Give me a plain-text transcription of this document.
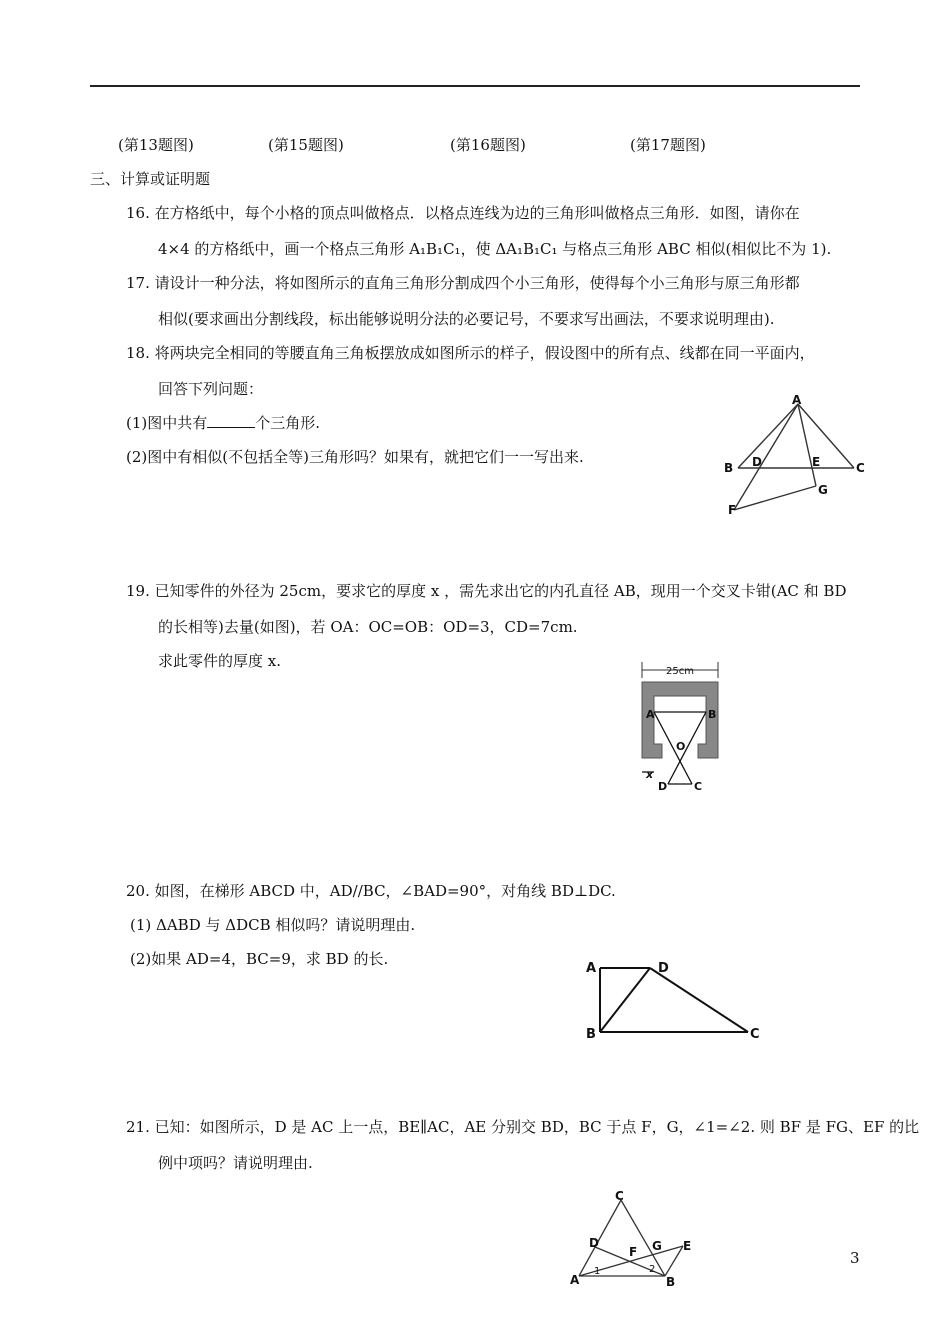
(第13题图)	(第15题图)	(第16题图)	(第17题图)
三、计算或证明题
16. 在方格纸中，每个小格的顶点叫做格点．以格点连线为边的三角形叫做格点三角形．如图，请你在
4×4 的方格纸中，画一个格点三角形 A₁B₁C₁，使 ΔA₁B₁C₁ 与格点三角形 ABC 相似(相似比不为 1).
17. 请设计一种分法，将如图所示的直角三角形分割成四个小三角形，使得每个小三角形与原三角形都
相似(要求画出分割线段，标出能够说明分法的必要记号，不要求写出画法，不要求说明理由).
18. 将两块完全相同的等腰直角三角板摆放成如图所示的样子，假设图中的所有点、线都在同一平面内，
回答下列问题：
(1)图中共有	个三角形.
(2)图中有相似(不包括全等)三角形吗？如果有，就把它们一一写出来.
A
B	C
D	E
G
F
19. 已知零件的外径为 25cm，要求它的厚度 x ，需先求出它的内孔直径 AB，现用一个交叉卡钳(AC 和 BD
的长相等)去量(如图)，若 OA：OC=OB：OD=3，CD=7cm.
求此零件的厚度 x.
25cm
A	B
O
D C
x
20. 如图，在梯形 ABCD 中，AD//BC，∠BAD=90°，对角线 BD⊥DC.
(1) ΔABD 与 ΔDCB 相似吗？请说明理由.
(2)如果 AD=4，BC=9，求 BD 的长.
A	D
B	C
21. 已知：如图所示，D 是 AC 上一点，BE∥AC，AE 分别交 BD，BC 于点 F，G，∠1=∠2. 则 BF 是 FG、EF 的比
例中项吗？请说明理由.
C
D
F G E
A	B
1	2
3
